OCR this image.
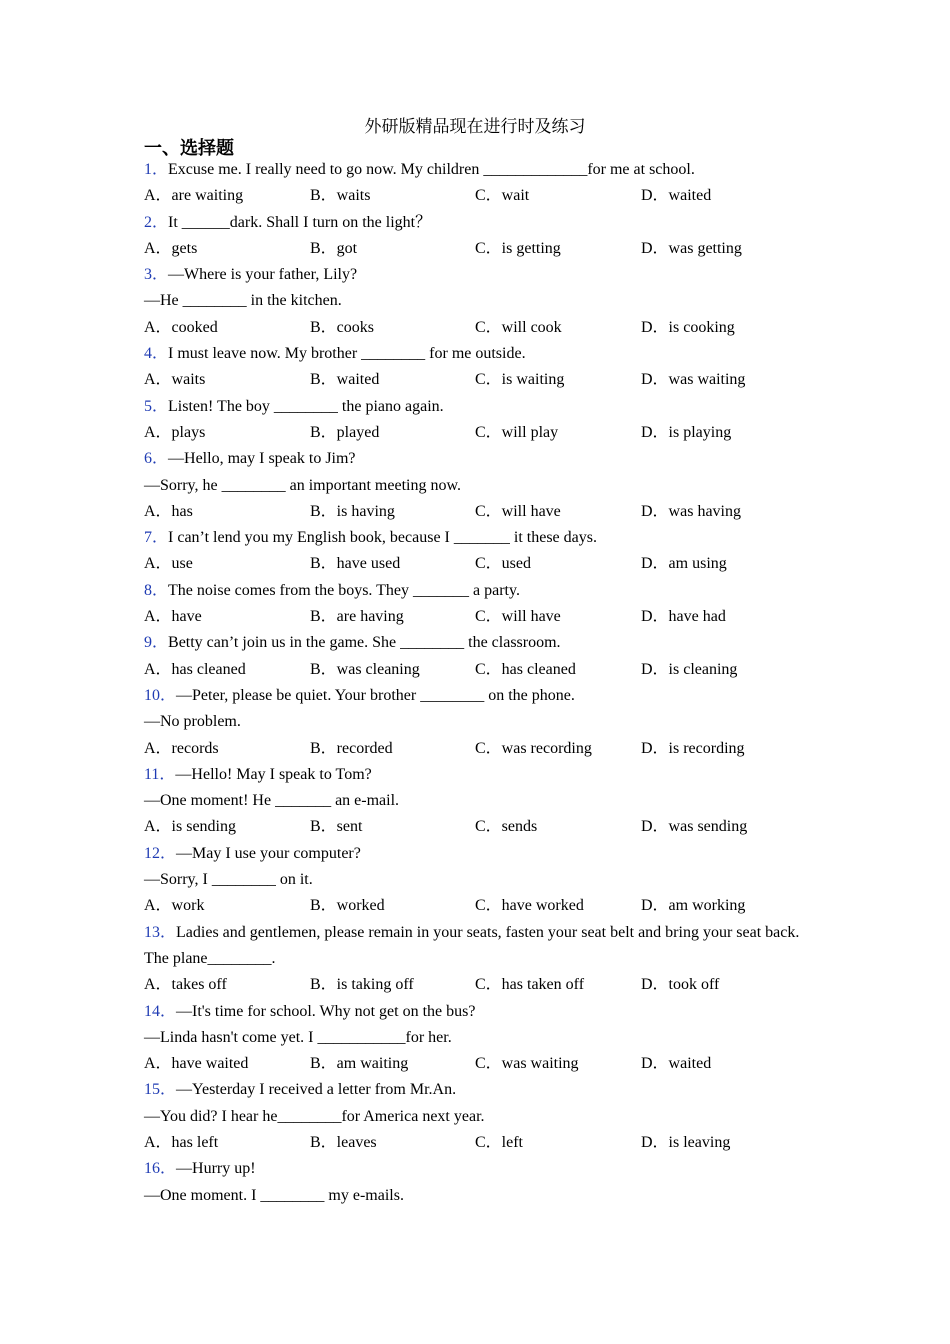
外研版精品现在进行时及练习
一、选择题
1．Excuse me. I really need to go now. My children _____________for me at school.
A．are waiting	B．waits	C．wait	D．waited
2．It ______dark. Shall I turn on the light？
A．gets	B．got	C．is getting	D．was getting
3．—Where is your father, Lily?
—He ________ in the kitchen.
A．cooked	B．cooks	C．will cook	D．is cooking
4．I must leave now. My brother ________ for me outside.
A．waits	B．waited	C．is waiting	D．was waiting
5．Listen! The boy ________ the piano again.
A．plays	B．played	C．will play	D．is playing
6．—Hello, may I speak to Jim?
—Sorry, he ________ an important meeting now.
A．has	B．is having	C．will have	D．was having
7．I can’t lend you my English book, because I _______ it these days.
A．use	B．have used	C．used	D．am using
8．The noise comes from the boys. They _______ a party.
A．have	B．are having	C．will have	D．have had
9．Betty can’t join us in the game. She ________ the classroom.
A．has cleaned	B．was cleaning	C．has cleaned	D．is cleaning
10．—Peter, please be quiet. Your brother ________ on the phone.
—No problem.
A．records	B．recorded	C．was recording	D．is recording
11．—Hello! May I speak to Tom?
—One moment! He _______ an e-mail.
A．is sending	B．sent	C．sends	D．was sending
12．—May I use your computer?
—Sorry, I ________ on it.
A．work	B．worked	C．have worked	D．am working
13．Ladies and gentlemen, please remain in your seats, fasten your seat belt and bring your seat back. The plane________.
A．takes off	B．is taking off	C．has taken off	D．took off
14．—It's time for school. Why not get on the bus?
—Linda hasn't come yet. I ___________for her.
A．have waited	B．am waiting	C．was waiting	D．waited
15．—Yesterday I received a letter from Mr.An.
—You did? I hear he________for America next year.
A．has left	B．leaves	C．left	D．is leaving
16．—Hurry up!
—One moment. I ________ my e-mails.
